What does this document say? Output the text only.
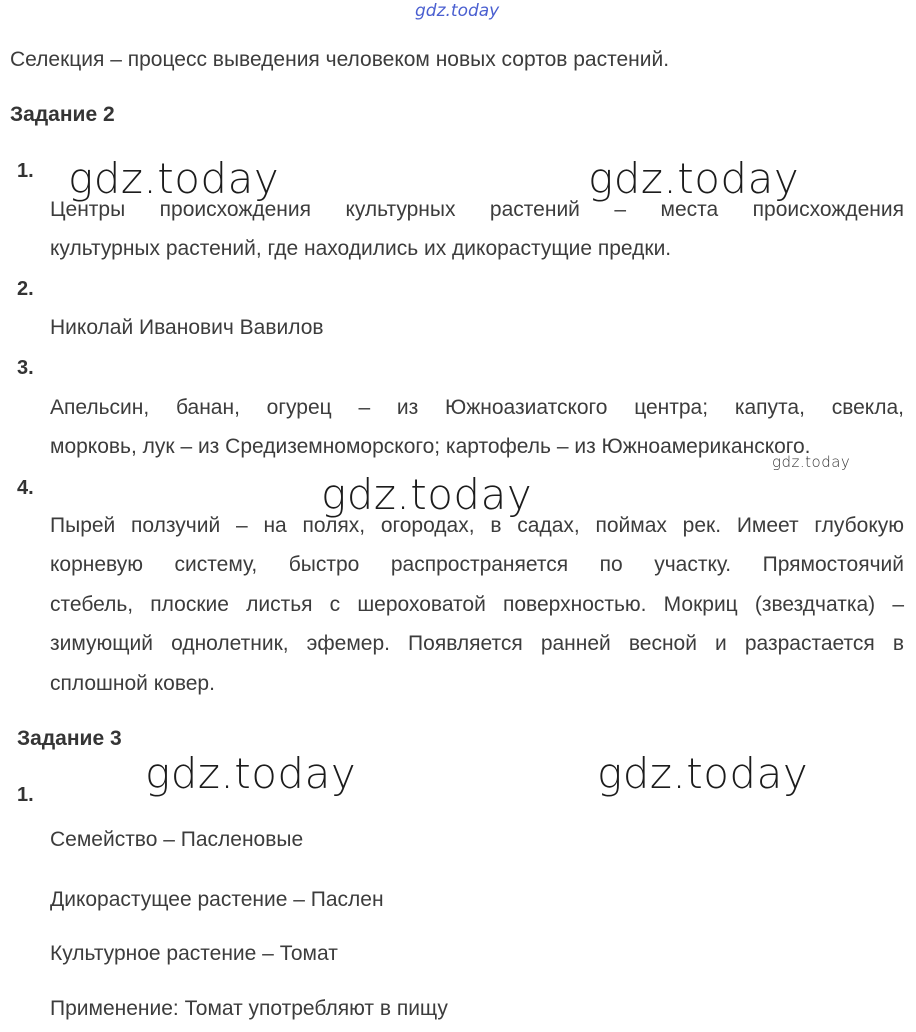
gdz.today
gdz.today	gdz.today
gdz.today
gdz.today
gdz.today	gdz.today
Селекция – процесс выведения человеком новых сортов растений.
Задание 2
1.
Центры происхождения культурных растений – места происхождения
культурных растений, где находились их дикорастущие предки.
2.
Николай Иванович Вавилов
3.
Апельсин, банан, огурец – из Южноазиатского центра; капута, свекла,
морковь, лук – из Средиземноморского; картофель – из Южноамериканского.
4.
Пырей ползучий – на полях, огородах, в садах, поймах рек. Имеет глубокую
корневую систему, быстро распространяется по участку. Прямостоячий
стебель, плоские листья с шероховатой поверхностью. Мокриц (звездчатка) –
зимующий однолетник, эфемер. Появляется ранней весной и разрастается в
сплошной ковер.
Задание 3
1.
Семейство – Пасленовые
Дикорастущее растение – Паслен
Культурное растение – Томат
Применение: Томат употребляют в пищу
